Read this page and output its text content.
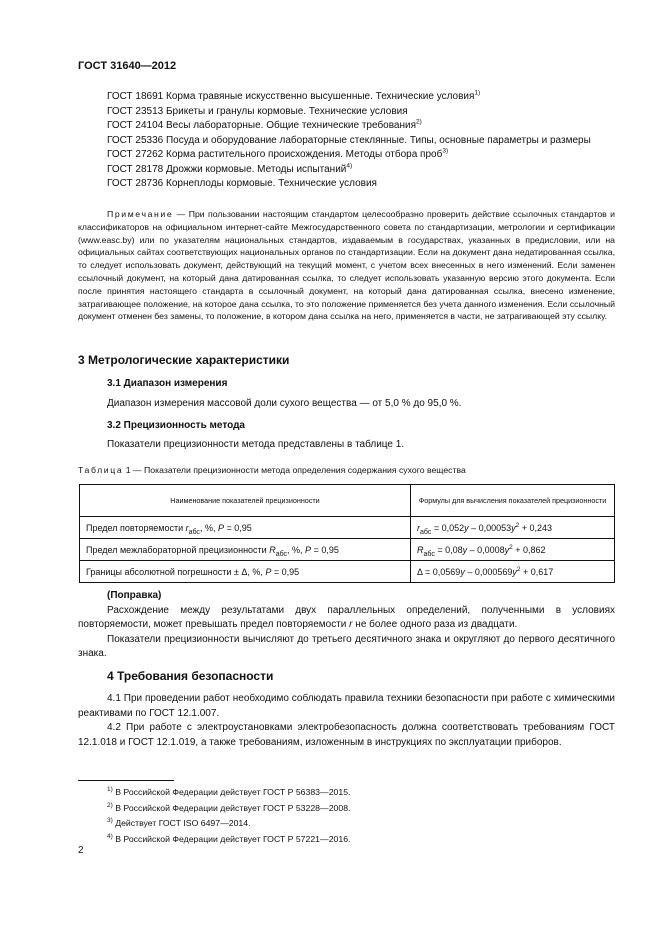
ГОСТ 31640—2012

ГОСТ 18691 Корма травяные искусственно высушенные. Технические условия$^{1)}$

ГОСТ 23513 Брикеты и гранулы кормовые. Технические условия

ГОСТ 24104 Весы лабораторные. Общие технические требования$^{2)}$

ГОСТ 25336 Посуда и оборудование лабораторные стеклянные. Типы, основные параметры и размеры

ГОСТ 27262 Корма растительного происхождения. Методы отбора проб$^{3)}$

ГОСТ 28178 Дрожжи кормовые. Методы испытаний$^{4)}$

ГОСТ 28736 Корнеплоды кормовые. Технические условия

Примечание — При пользовании настоящим стандартом целесообразно проверить действие ссылочных стандартов и классификаторов на официальном интернет-сайте Межгосударственного совета по стандартизации, метрологии и сертификации (www.easc.by) или по указателям национальных стандартов, издаваемым в государствах, указанных в предисловии, или на официальных сайтах соответствующих национальных органов по стандартизации. Если на документ дана недатированная ссылка, то следует использовать документ, действующий на текущий момент, с учетом всех внесенных в него изменений. Если заменен ссылочный документ, на который дана датированная ссылка, то следует использовать указанную версию этого документа. Если после принятия настоящего стандарта в ссылочный документ, на который дана датированная ссылка, внесено изменение, затрагивающее положение, на которое дана ссылка, то это положение применяется без учета данного изменения. Если ссылочный документ отменен без замены, то положение, в котором дана ссылка на него, применяется в части, не затрагивающей эту ссылку.
3 Метрологические характеристики
3.1 Диапазон измерения
Диапазон измерения массовой доли сухого вещества — от 5,0 % до 95,0 %.
3.2 Прецизионность метода
Показатели прецизионности метода представлены в таблице 1.
Таблица 1 — Показатели прецизионности метода определения содержания сухого вещества
Наименование показателей прецизионности	Формулы для вычисления показателей прецизионности
Предел повторяемости $r_{абс}$, %, P = 0,95	$r_{абс} = 0,052y - 0,00053y^2 + 0,243$
Предел межлабораторной прецизионности $R_{абс}$, %, P = 0,95	$R_{абс} = 0,08y - 0,0008y^2 + 0,862$
Границы абсолютной погрешности ± Δ, %, P = 0,95	$\Delta = 0,0569y - 0,000569y^2 + 0,617$

(Поправка)

Расхождение между результатами двух параллельных определений, полученными в условиях повторяемости, может превышать предел повторяемости r не более одного раза из двадцати.

Показатели прецизионности вычисляют до третьего десятичного знака и округляют до первого десятичного знака.

4 Требования безопасности

4.1 При проведении работ необходимо соблюдать правила техники безопасности при работе с химическими реактивами по ГОСТ 12.1.007.

4.2 При работе с электроустановками электробезопасность должна соответствовать требованиям ГОСТ 12.1.018 и ГОСТ 12.1.019, а также требованиям, изложенным в инструкциях по эксплуатации приборов.

$^{1)}$ В Российской Федерации действует ГОСТ Р 56383—2015.
$^{2)}$ В Российской Федерации действует ГОСТ Р 53228—2008.
$^{3)}$ Действует ГОСТ ISO 6497—2014.
$^{4)}$ В Российской Федерации действует ГОСТ Р 57221—2016.
2
